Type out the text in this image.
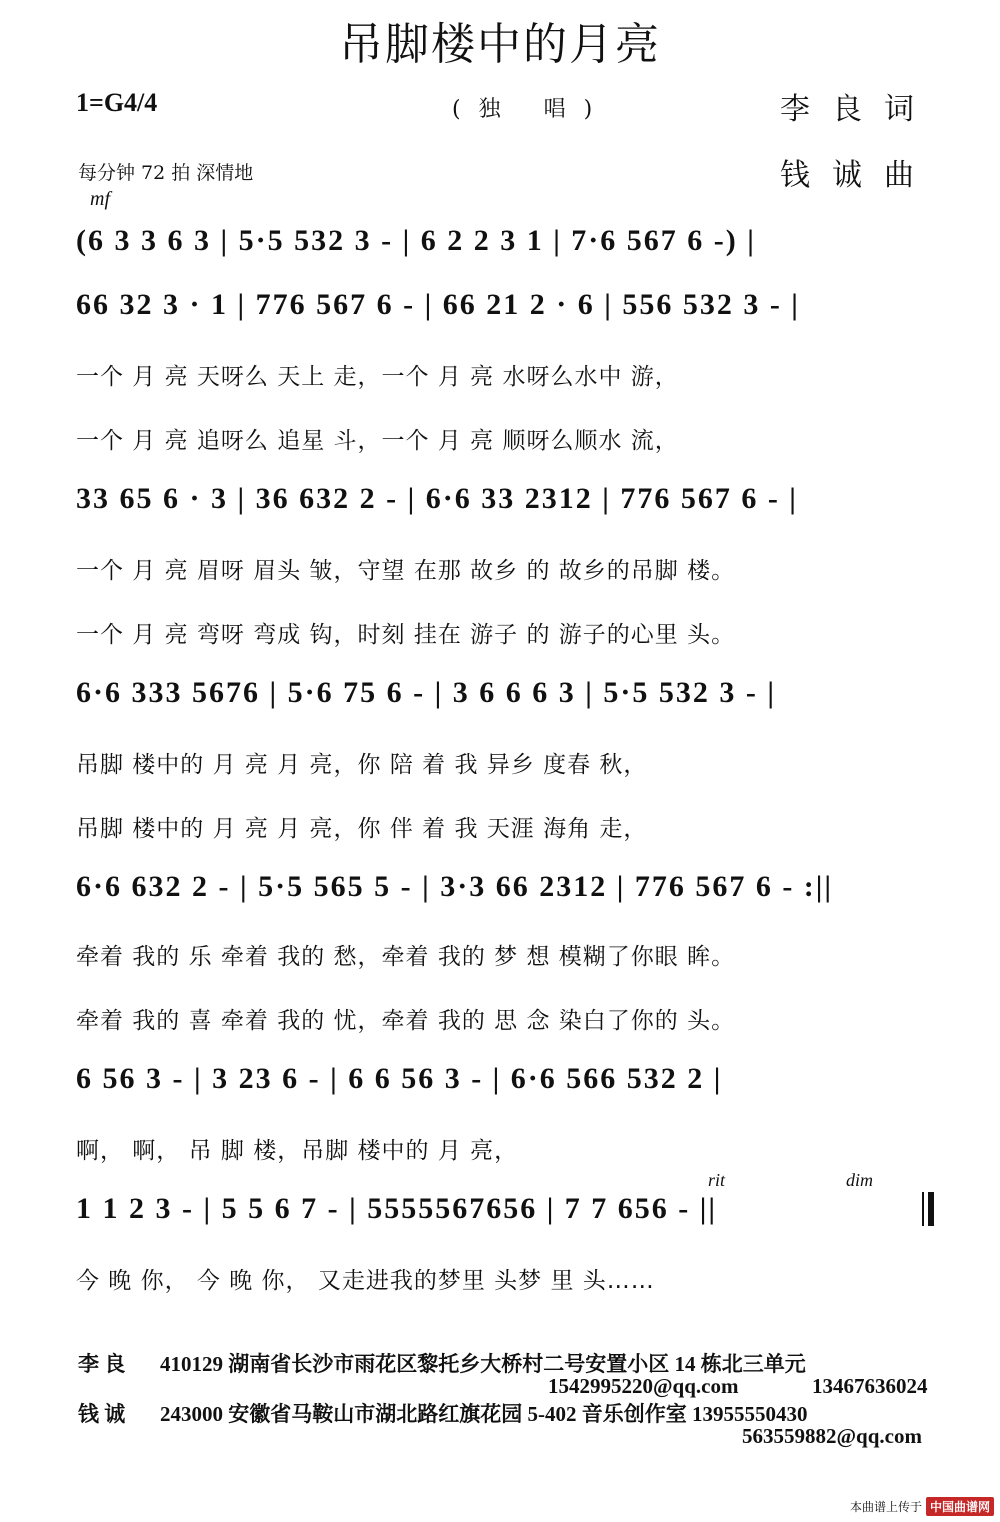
吊脚楼中的月亮
1=G4/4	(独 唱)	李良词
钱诚曲
每分钟 72 拍 深情地
mf
(6 3 3 6 3 | 5·5 532 3 - | 6 2 2 3 1 | 7·6 567 6 -) |
66 32 3 · 1 | 776 567 6 - | 66 21 2 · 6 | 556 532 3 - |
一个 月 亮 天呀么 天上 走，一个 月 亮 水呀么水中 游，
一个 月 亮 追呀么 追星 斗，一个 月 亮 顺呀么顺水 流，
33 65 6 · 3 | 36 632 2 - | 6·6 33 2312 | 776 567 6 - |
一个 月 亮 眉呀 眉头 皱，守望 在那 故乡 的 故乡的吊脚 楼。
一个 月 亮 弯呀 弯成 钩，时刻 挂在 游子 的 游子的心里 头。
6·6 333 5676 | 5·6 75 6 - | 3 6 6 6 3 | 5·5 532 3 - |
吊脚 楼中的 月 亮 月 亮，你 陪 着 我 异乡 度春 秋，
吊脚 楼中的 月 亮 月 亮，你 伴 着 我 天涯 海角 走，
6·6 632 2 - | 5·5 565 5 - | 3·3 66 2312 | 776 567 6 - :||
牵着 我的 乐 牵着 我的 愁，牵着 我的 梦 想 模糊了你眼 眸。
牵着 我的 喜 牵着 我的 忧，牵着 我的 思 念 染白了你的 头。
6 56 3 - | 3 23 6 - | 6 6 56 3 - | 6·6 566 532 2 |
啊， 啊， 吊 脚 楼，吊脚 楼中的 月 亮，
rit	dim
1 1 2 3 - | 5 5 6 7 - | 5555567656 | 7 7 656 - ||
今 晚 你， 今 晚 你， 又走进我的梦里 头梦 里 头……
李 良 410129 湖南省长沙市雨花区黎托乡大桥村二号安置小区 14 栋北三单元
1542995220@qq.com	13467636024
钱 诚 243000 安徽省马鞍山市湖北路红旗花园 5-402 音乐创作室 13955550430
563559882@qq.com
本曲谱上传于 中国曲谱网
